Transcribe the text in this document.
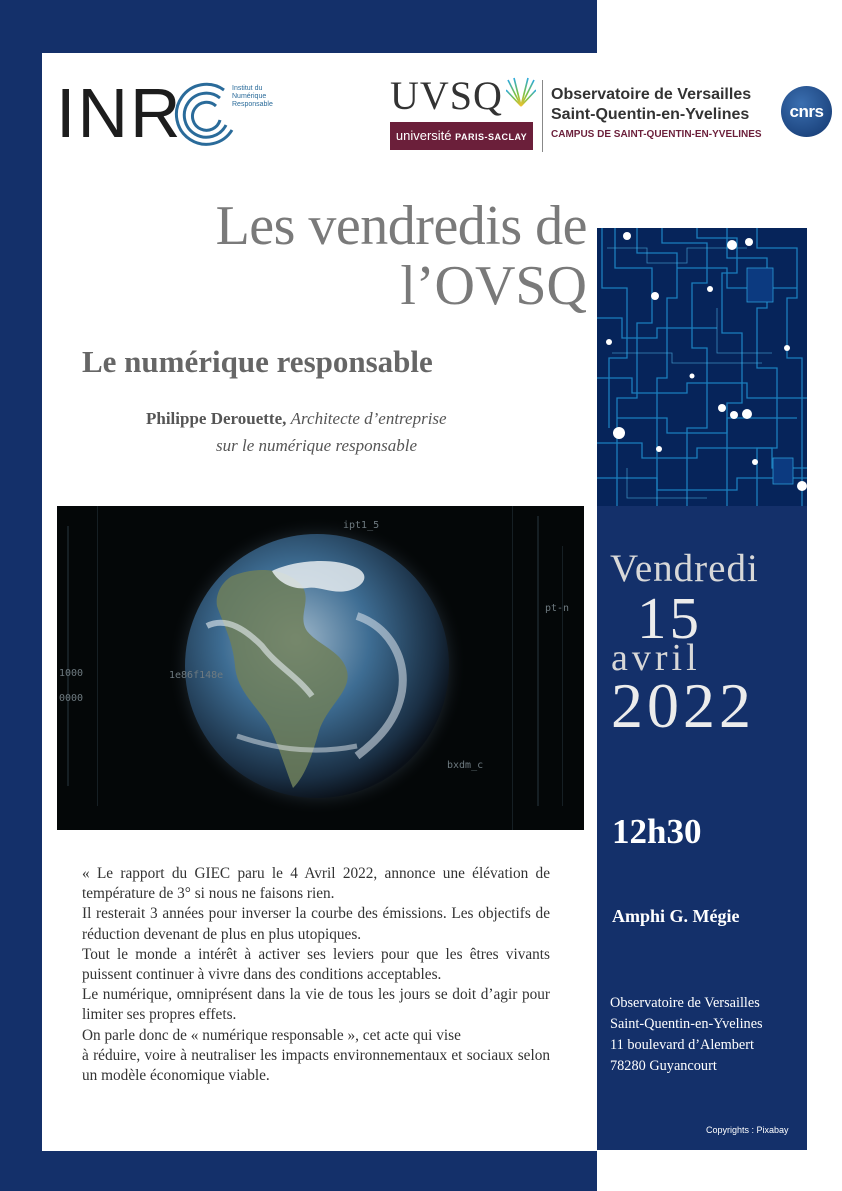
INR	Institut du Numérique Responsable	UVSQ
université PARIS-SACLAY
Observatoire de Versailles
Saint-Quentin-en-Yvelines
CAMPUS DE SAINT-QUENTIN-EN-YVELINES
cnrs
Les vendredis de
l’OVSQ
Le numérique responsable
Philippe Derouette, Architecte d’entreprise
sur le numérique responsable
ipt1_5
1e86f148e
pt-n
bxdm_c
1000
0000

« Le rapport du GIEC paru le 4 Avril 2022, annonce une élévation de température de 3° si nous ne faisons rien.

Il resterait 3 années pour inverser la courbe des émissions. Les objectifs de réduction devenant de plus en plus utopiques.

Tout le monde a intérêt à activer ses leviers pour que les êtres vivants puissent continuer à vivre dans des conditions acceptables.

Le numérique, omniprésent dans la vie de tous les jours se doit d’agir pour limiter ses propres effets.

On parle donc de « numérique responsable », cet acte qui vise

à réduire, voire à neutraliser les impacts environnementaux et sociaux selon un modèle économique viable.

Vendredi
15
avril
2022
12h30
Amphi G. Mégie
Observatoire de Versailles
Saint-Quentin-en-Yvelines
11 boulevard d’Alembert
78280 Guyancourt
Copyrights : Pixabay
